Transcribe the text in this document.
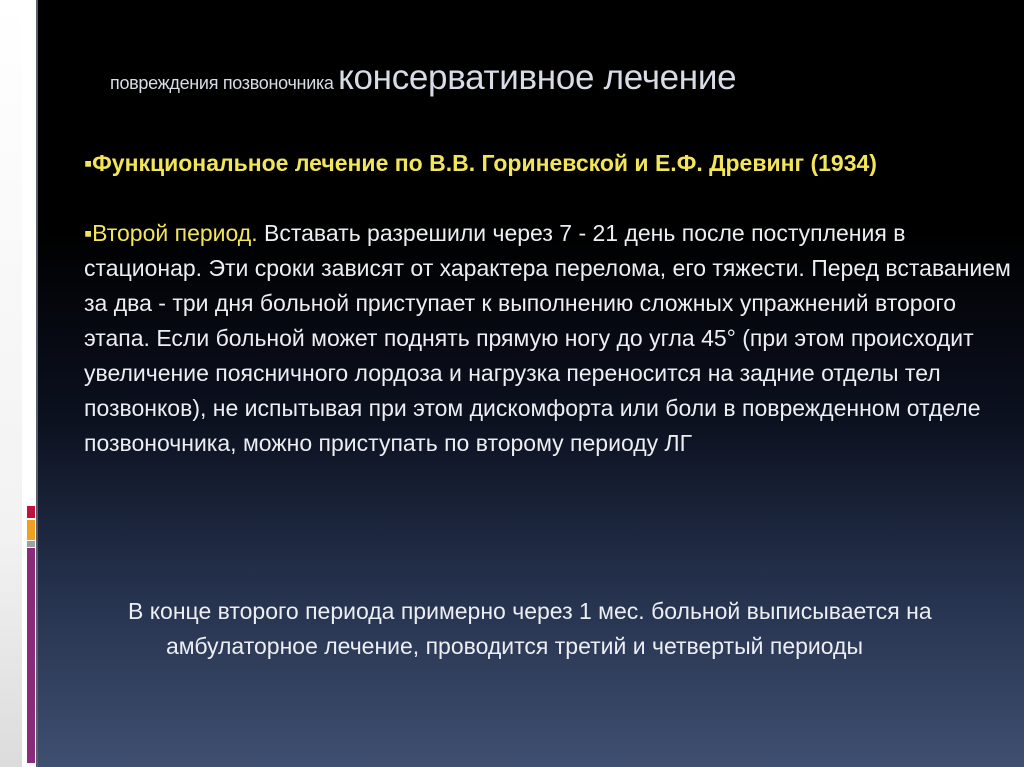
повреждения позвоночника консервативное лечение

▪Функциональное лечение по В.В. Гориневской и Е.Ф. Древинг (1934)

▪Второй период. Вставать разрешили через 7 - 21 день после поступления в стационар. Эти сроки зависят от характера перелома, его тяжести. Перед вставанием за два - три дня больной приступает к выполнению сложных упражнений второго этапа. Если больной может поднять прямую ногу до угла 45° (при этом происходит увеличение поясничного лордоза и нагрузка переносится на задние отделы тел позвонков), не испытывая при этом дискомфорта или боли в поврежденном отделе позвоночника, можно приступать по второму периоду ЛГ

В конце второго периода примерно через 1 мес. больной выписывается на амбулаторное лечение, проводится третий и четвертый периоды
